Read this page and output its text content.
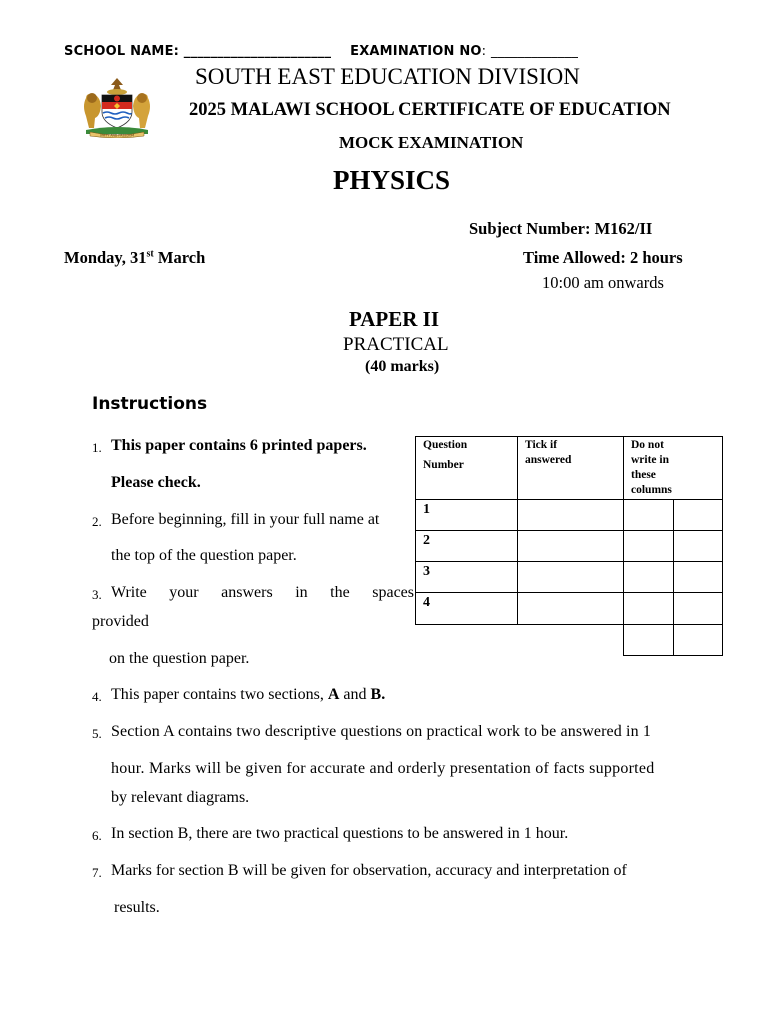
SCHOOL NAME: ______________________ EXAMINATION NO: _____________
UNITY AND FREEDOM
SOUTH EAST EDUCATION DIVISION
2025 MALAWI SCHOOL CERTIFICATE OF EDUCATION
MOCK EXAMINATION
PHYSICS
Subject Number: M162/II
Monday, 31st March	Time Allowed: 2 hours
10:00 am onwards
PAPER II
PRACTICAL
(40 marks)
Instructions
1. This paper contains 6 printed papers.
Please check.
2. Before beginning, fill in your full name at
the top of the question paper.
3. Write your answers in the spaces
provided
on the question paper.
4. This paper contains two sections, A and B.
5. Section A contains two descriptive questions on practical work to be answered in 1
hour. Marks will be given for accurate and orderly presentation of facts supported
by relevant diagrams.
6. In section B, there are two practical questions to be answered in 1 hour.
7. Marks for section B will be given for observation, accuracy and interpretation of
results.
Question
Number
Tick if
answered
Do not
write in
these
columns
1
2
3
4
